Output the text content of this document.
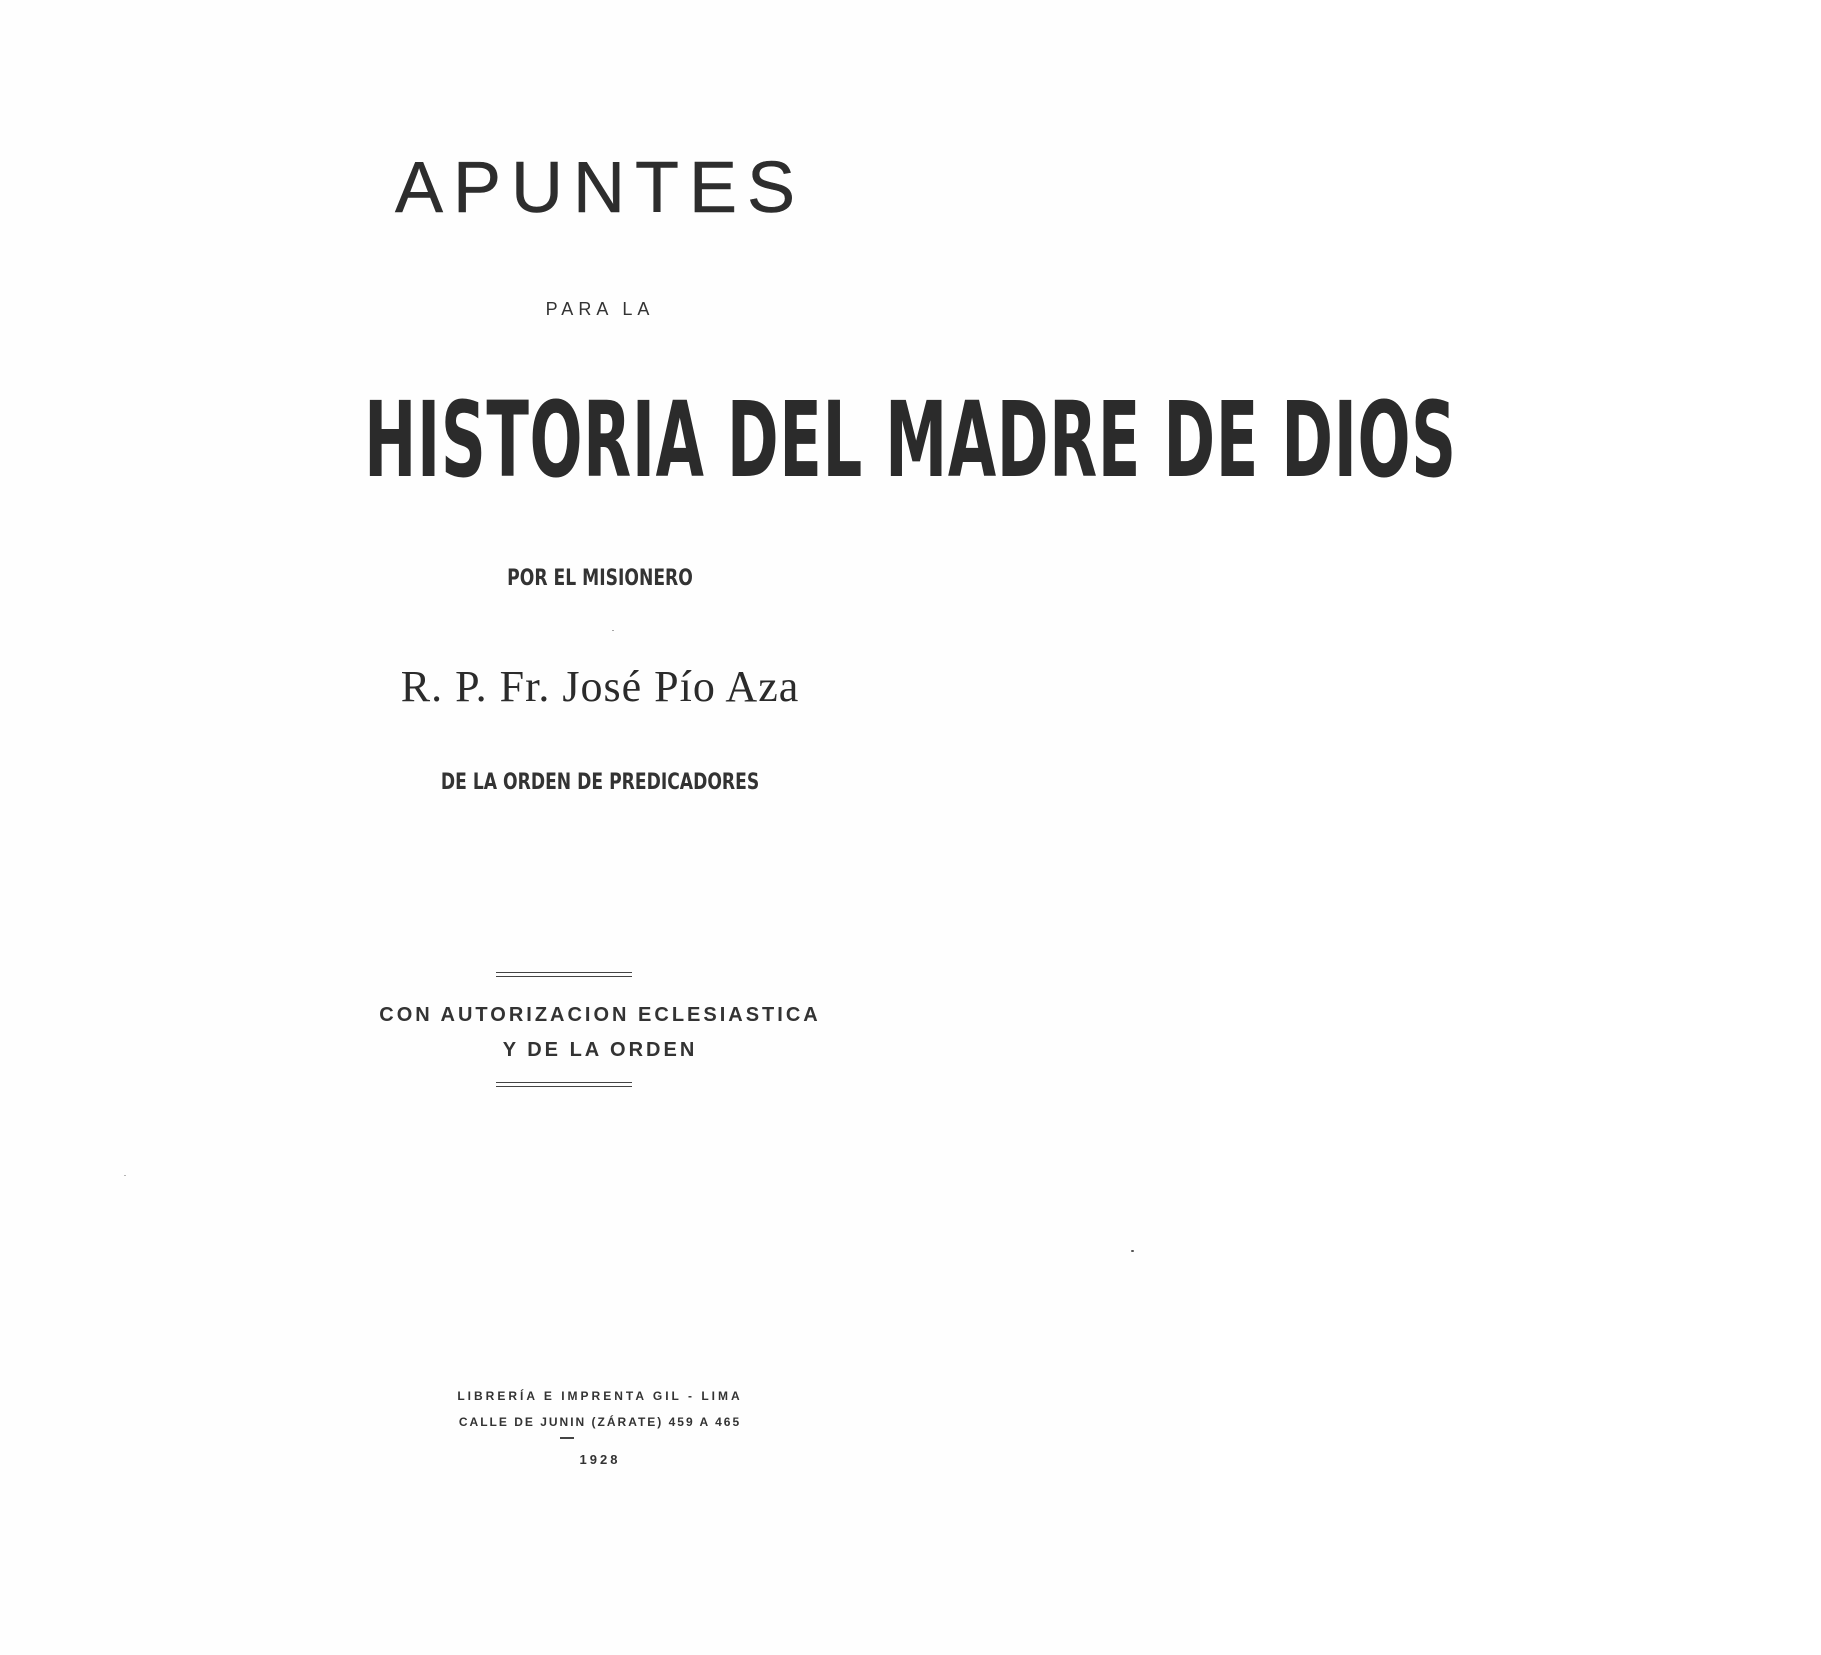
APUNTES
PARA LA
HISTORIA DEL MADRE DE DIOS
POR EL MISIONERO
R. P. Fr. José Pío Aza
DE LA ORDEN DE PREDICADORES
CON AUTORIZACION ECLESIASTICA
Y DE LA ORDEN
LIBRERÍA E IMPRENTA GIL - LIMA
CALLE DE JUNIN (ZÁRATE) 459 A 465
1928
